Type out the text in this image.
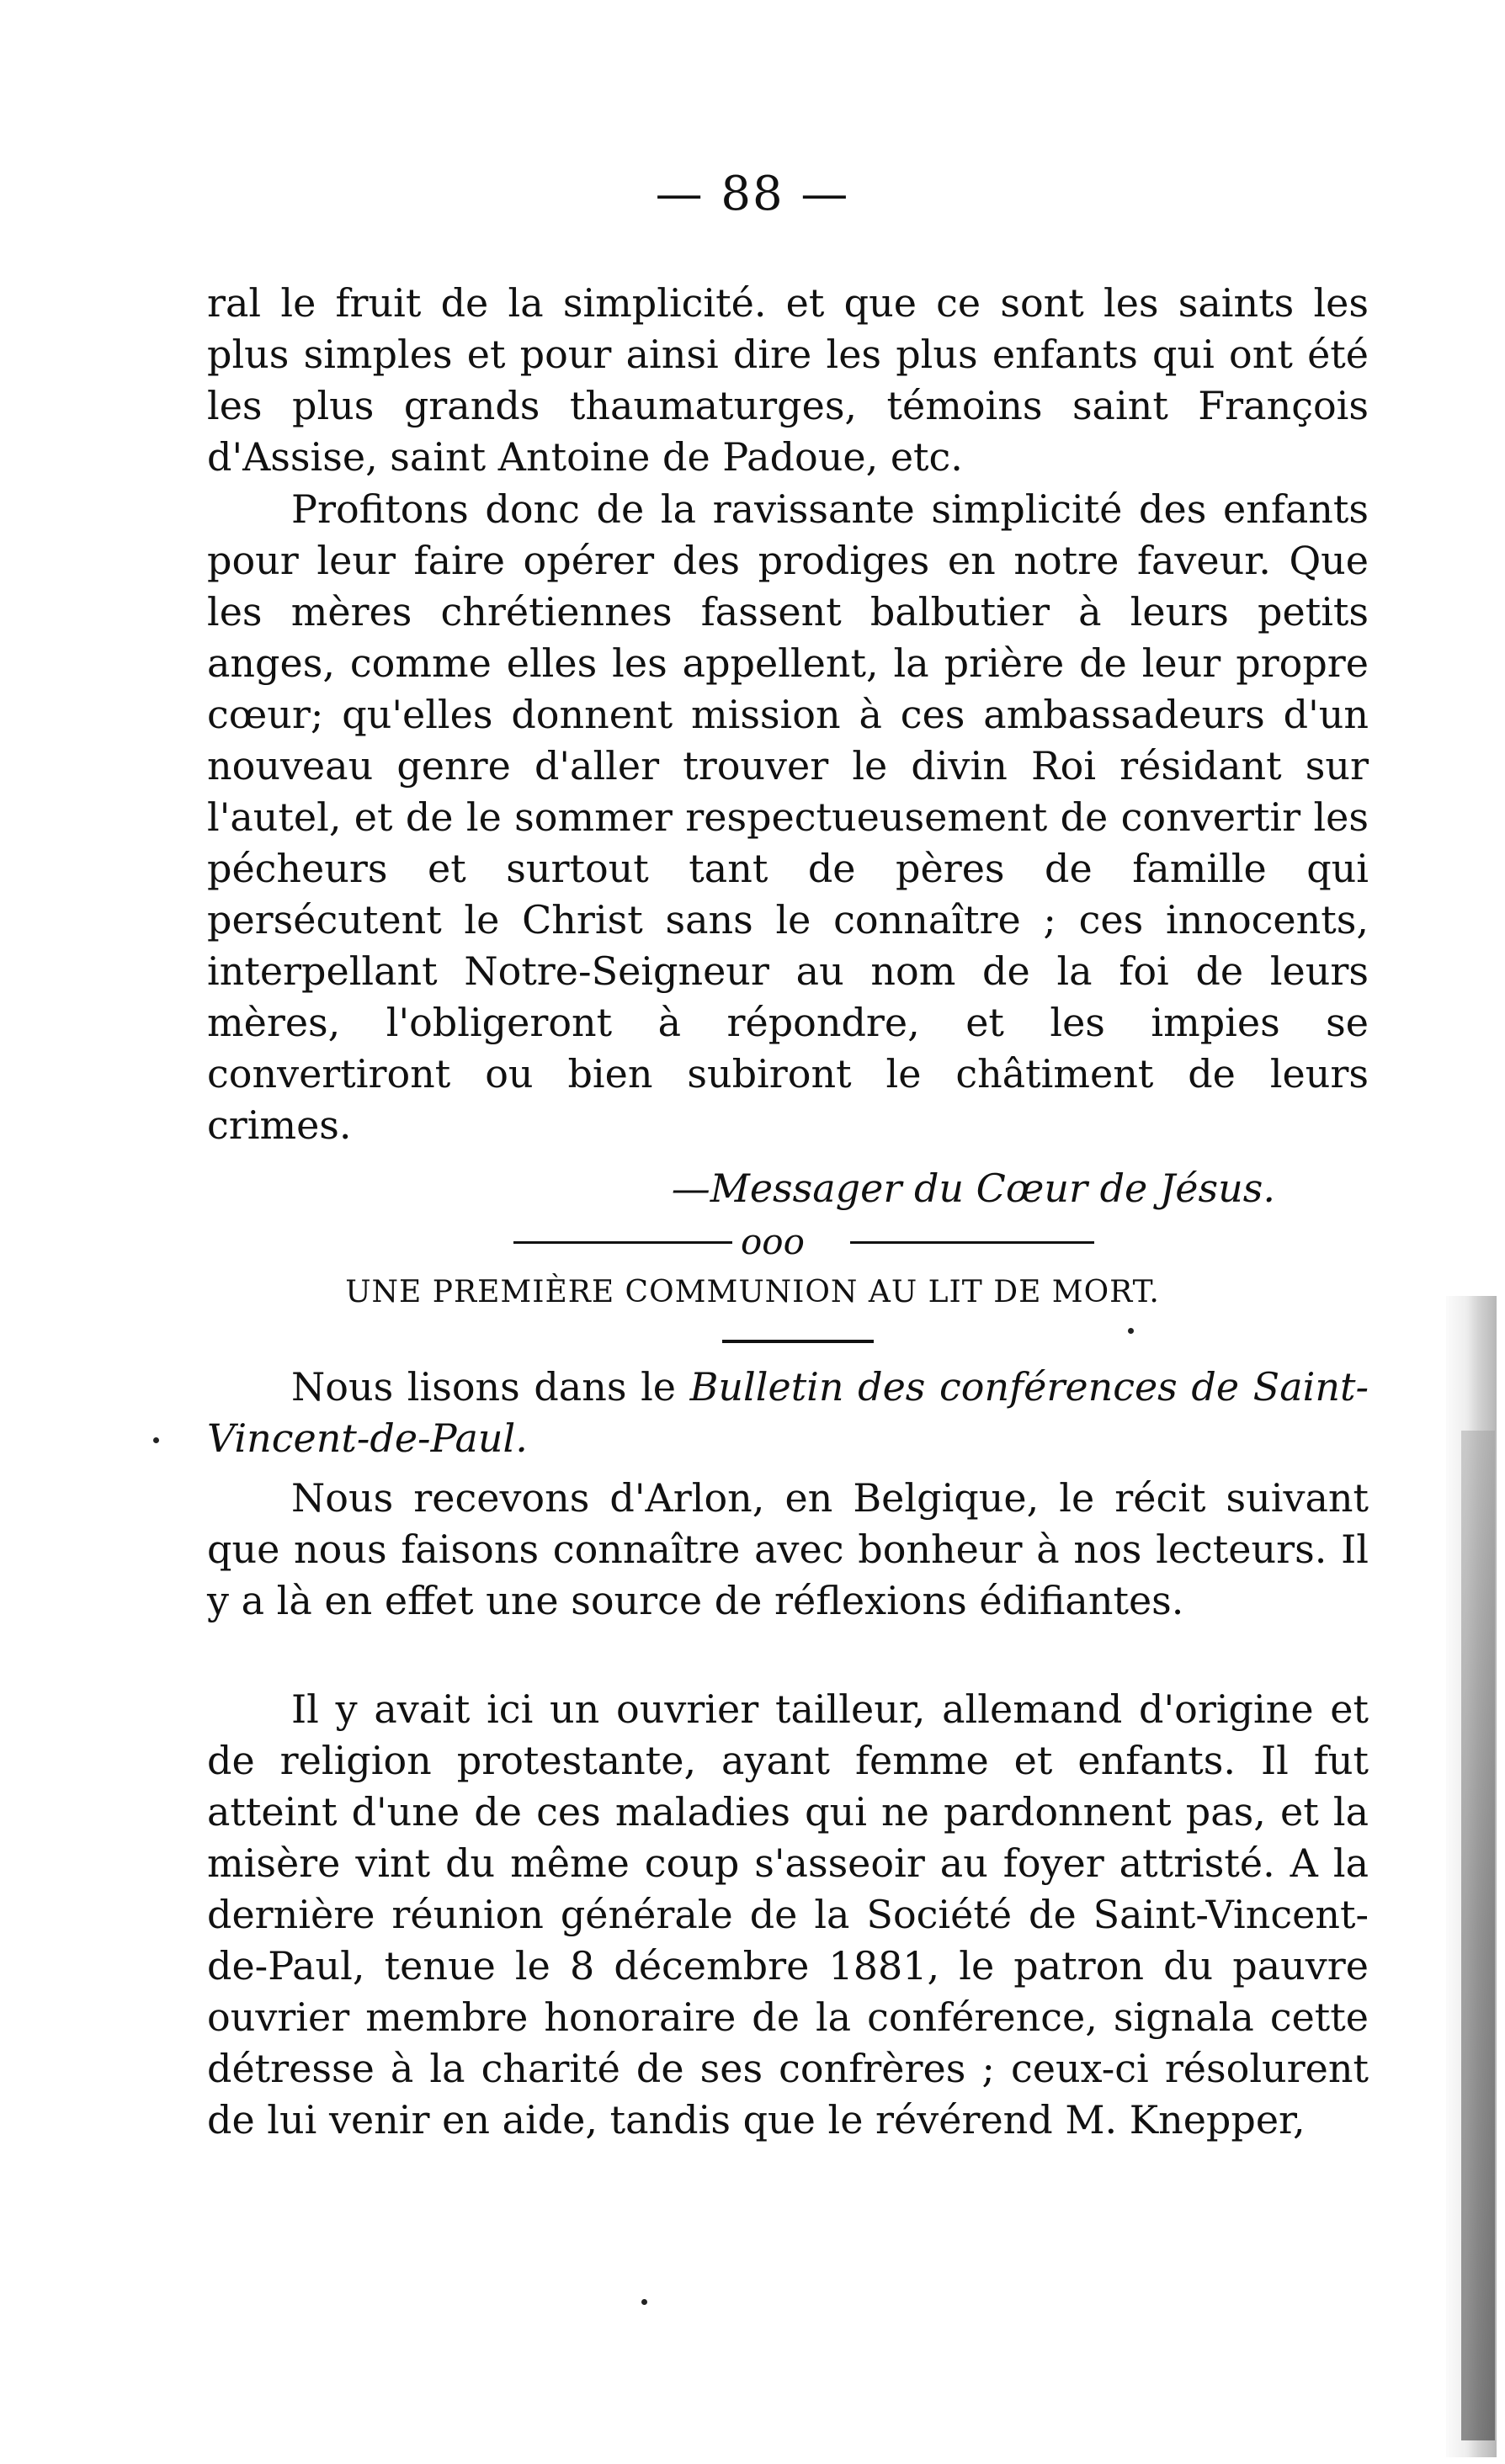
— 88 —
ral le fruit de la simplicité. et que ce sont les saints les plus simples et pour ainsi dire les plus enfants qui ont été les plus grands thaumaturges, témoins saint François d'Assise, saint Antoine de Padoue, etc.
Profitons donc de la ravissante simplicité des enfants pour leur faire opérer des prodiges en notre faveur. Que les mères chrétiennes fassent balbutier à leurs petits anges, comme elles les appellent, la prière de leur propre cœur; qu'elles donnent mission à ces ambassadeurs d'un nouveau genre d'aller trouver le divin Roi résidant sur l'autel, et de le sommer respectueusement de convertir les pécheurs et surtout tant de pères de famille qui persécutent le Christ sans le connaître ; ces innocents, interpellant Notre-Seigneur au nom de la foi de leurs mères, l'obligeront à répondre, et les impies se convertiront ou bien subiront le châtiment de leurs crimes.
—Messager du Cœur de Jésus.
ooo
UNE PREMIÈRE COMMUNION AU LIT DE MORT.
Nous lisons dans le Bulletin des conférences de Saint-Vincent-de-Paul.
Nous recevons d'Arlon, en Belgique, le récit suivant que nous faisons connaître avec bonheur à nos lecteurs. Il y a là en effet une source de réflexions édifiantes.
Il y avait ici un ouvrier tailleur, allemand d'origine et de religion protestante, ayant femme et enfants. Il fut atteint d'une de ces maladies qui ne pardonnent pas, et la misère vint du même coup s'asseoir au foyer attristé. A la dernière réunion générale de la Société de Saint-Vincent-de-Paul, tenue le 8 décembre 1881, le patron du pauvre ouvrier membre honoraire de la conférence, signala cette détresse à la charité de ses confrères ; ceux-ci résolurent de lui venir en aide, tandis que le révérend M. Knepper,
